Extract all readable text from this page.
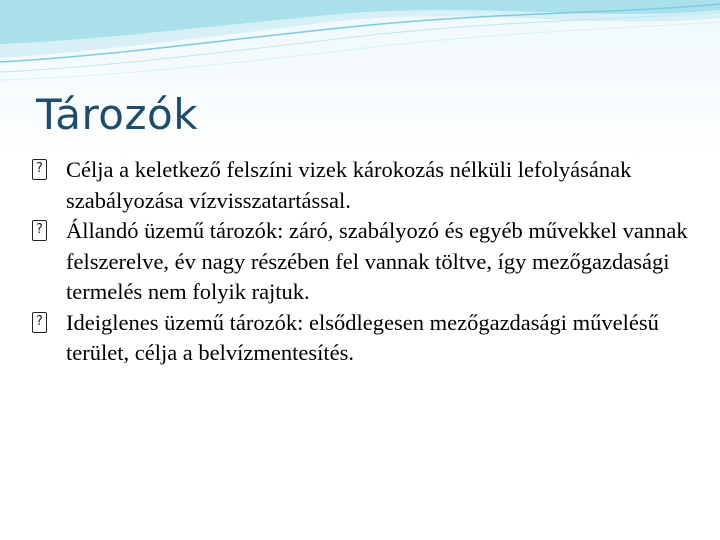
Tározók
? Célja a keletkező felszíni vizek károkozás nélküli lefolyásának szabályozása vízvisszatartással.
? Állandó üzemű tározók: záró, szabályozó és egyéb művekkel vannak felszerelve, év nagy részében fel vannak töltve, így mezőgazdasági termelés nem folyik rajtuk.
? Ideiglenes üzemű tározók: elsődlegesen mezőgazdasági művelésű terület, célja a belvízmentesítés.
